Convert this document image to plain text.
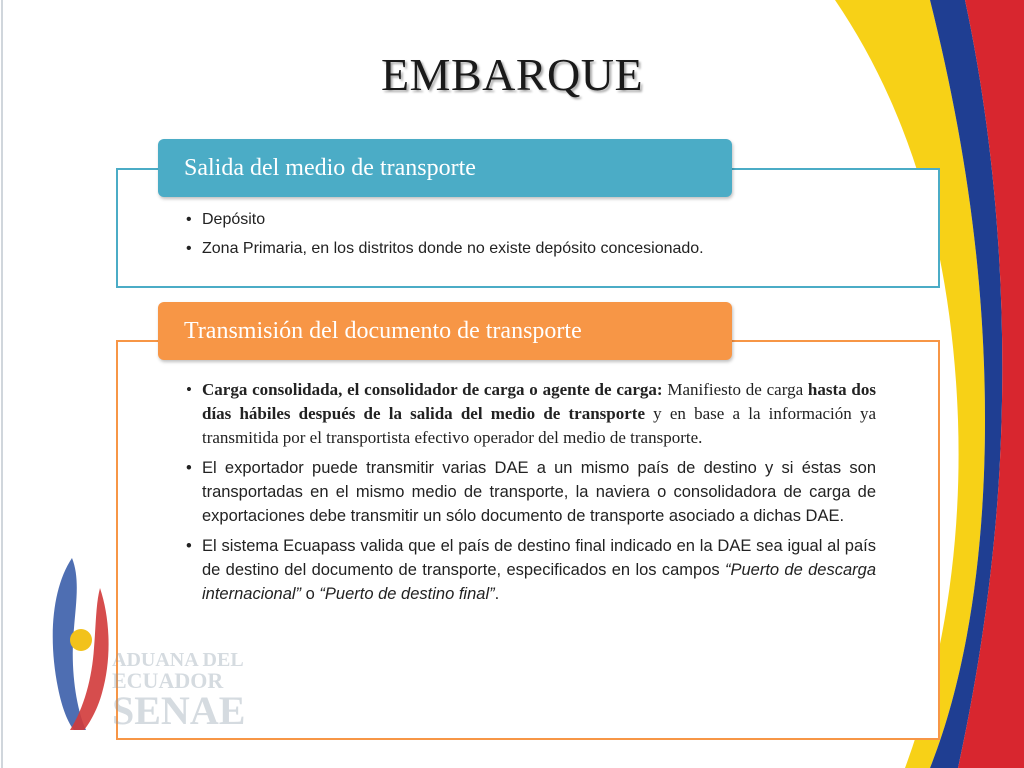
EMBARQUE
Salida del medio de transporte
• Depósito
• Zona Primaria, en los distritos donde no existe depósito concesionado.
Transmisión del documento de transporte
• Carga consolidada, el consolidador de carga o agente de carga: Manifiesto de carga hasta dos días hábiles después de la salida del medio de transporte y en base a la información ya transmitida por el transportista efectivo operador del medio de transporte.
• El exportador puede transmitir varias DAE a un mismo país de destino y si éstas son transportadas en el mismo medio de transporte, la naviera o consolidadora de carga de exportaciones debe transmitir un sólo documento de transporte asociado a dichas DAE.
• El sistema Ecuapass valida que el país de destino final indicado en la DAE sea igual al país de destino del documento de transporte, especificados en los campos “Puerto de descarga internacional” o “Puerto de destino final”.
ADUANA DEL
ECUADOR
SENAE
